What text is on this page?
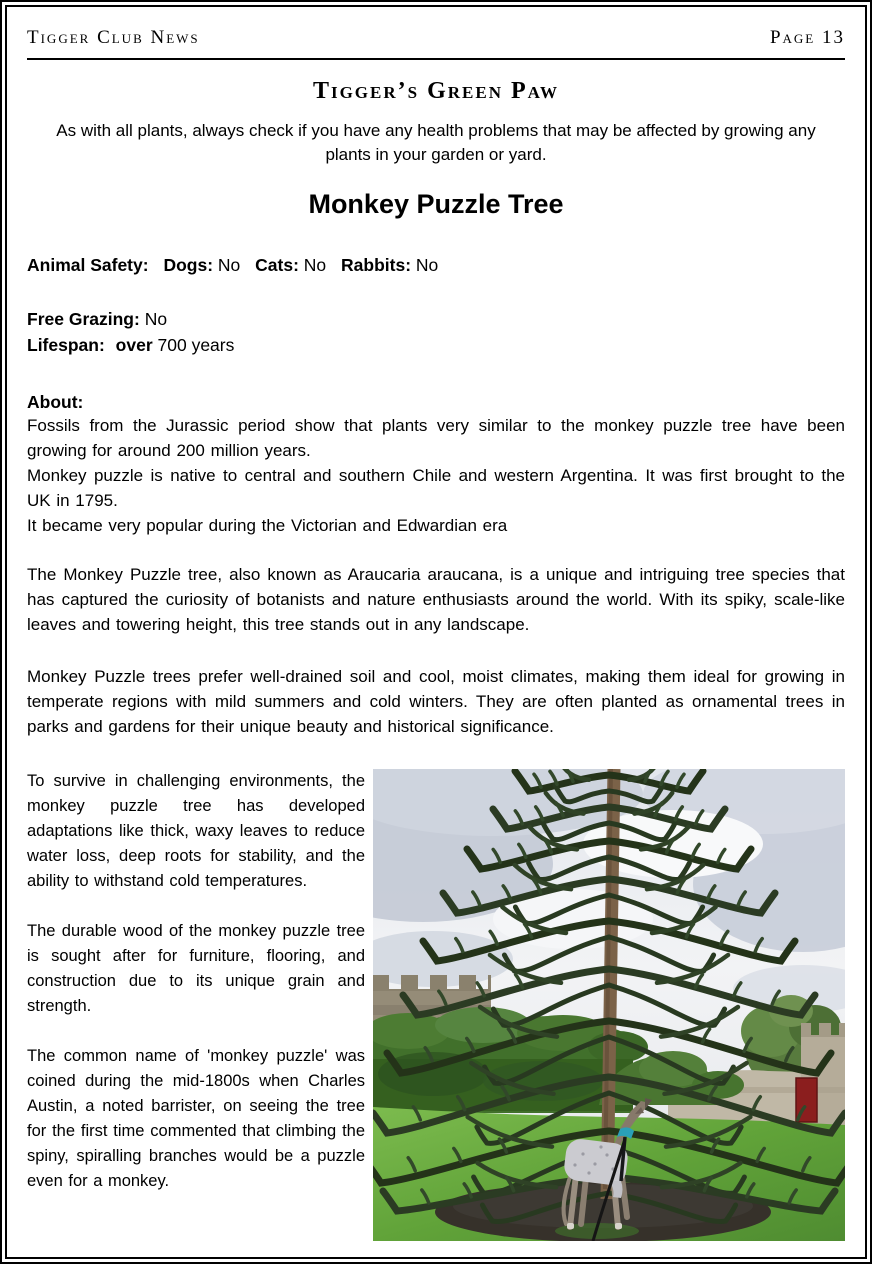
Tigger Club News	Page 13
Tigger’s Green Paw

As with all plants, always check if you have any health problems that may be affected by growing any plants in your garden or yard.

Monkey Puzzle Tree
Animal Safety: Dogs: No Cats: No Rabbits: No
Free Grazing: No
Lifespan: over 700 years
About:

Fossils from the Jurassic period show that plants very similar to the monkey puzzle tree have been growing for around 200 million years.

Monkey puzzle is native to central and southern Chile and western Argentina. It was first brought to the UK in 1795.

It became very popular during the Victorian and Edwardian era

The Monkey Puzzle tree, also known as Araucaria araucana, is a unique and intriguing tree species that has captured the curiosity of botanists and nature enthusiasts around the world. With its spiky, scale-like leaves and towering height, this tree stands out in any landscape.

Monkey Puzzle trees prefer well-drained soil and cool, moist climates, making them ideal for growing in temperate regions with mild summers and cold winters. They are often planted as ornamental trees in parks and gardens for their unique beauty and historical significance.

To survive in challenging environments, the monkey puzzle tree has developed adaptations like thick, waxy leaves to reduce water loss, deep roots for stability, and the ability to withstand cold temperatures.

The durable wood of the monkey puzzle tree is sought after for furniture, flooring, and construction due to its unique grain and strength.

The common name of 'monkey puzzle' was coined during the mid-1800s when Charles Austin, a noted barrister, on seeing the tree for the first time commented that climbing the spiny, spiralling branches would be a puzzle even for a monkey.
